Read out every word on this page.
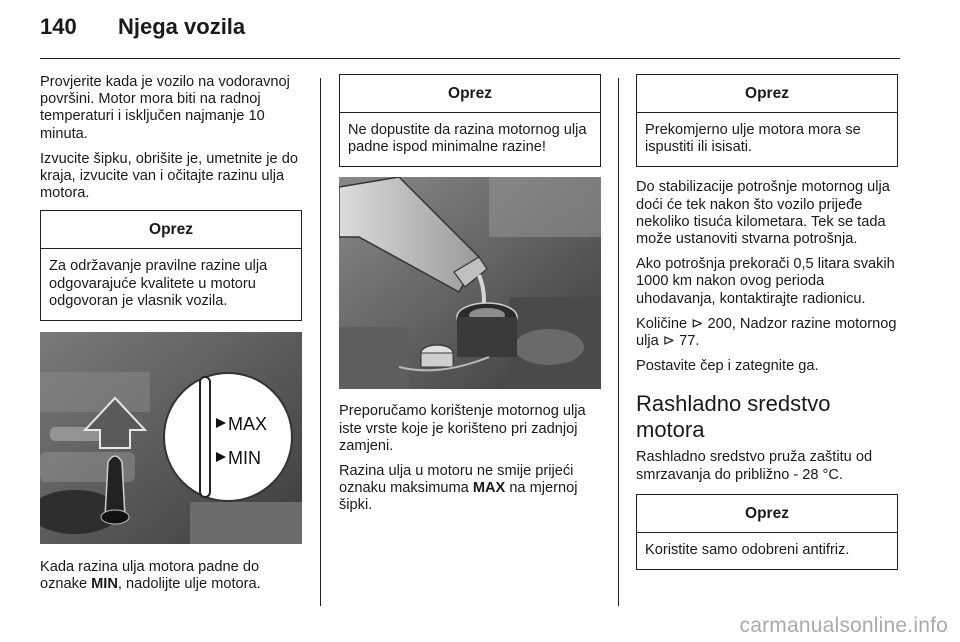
140	Njega vozila

Provjerite kada je vozilo na vodoravnoj površini. Motor mora biti na radnoj temperaturi i isključen najmanje 10 minuta.

Izvucite šipku, obrišite je, umetnite je do kraja, izvucite van i očitajte razinu ulja motora.

Oprez
Za održavanje pravilne razine ulja odgovarajuće kvalitete u motoru odgovoran je vlasnik vozila.
MAX
MIN

Kada razina ulja motora padne do oznake MIN, nadolijte ulje motora.

Oprez
Ne dopustite da razina motornog ulja padne ispod minimalne razine!

Preporučamo korištenje motornog ulja iste vrste koje je korišteno pri zadnjoj zamjeni.

Razina ulja u motoru ne smije prijeći oznaku maksimuma MAX na mjernoj šipki.

Oprez
Prekomjerno ulje motora mora se ispustiti ili isisati.

Do stabilizacije potrošnje motornog ulja doći će tek nakon što vozilo prijeđe nekoliko tisuća kilometara. Tek se tada može ustanoviti stvarna potrošnja.

Ako potrošnja prekorači 0,5 litara svakih 1000 km nakon ovog perioda uhodavanja, kontaktirajte radionicu.

Količine ⊳ 200, Nadzor razine motornog ulja ⊳ 77.

Postavite čep i zategnite ga.

Rashladno sredstvo motora

Rashladno sredstvo pruža zaštitu od smrzavanja do približno - 28 °C.

Oprez
Koristite samo odobreni antifriz.
carmanualsonline.info
